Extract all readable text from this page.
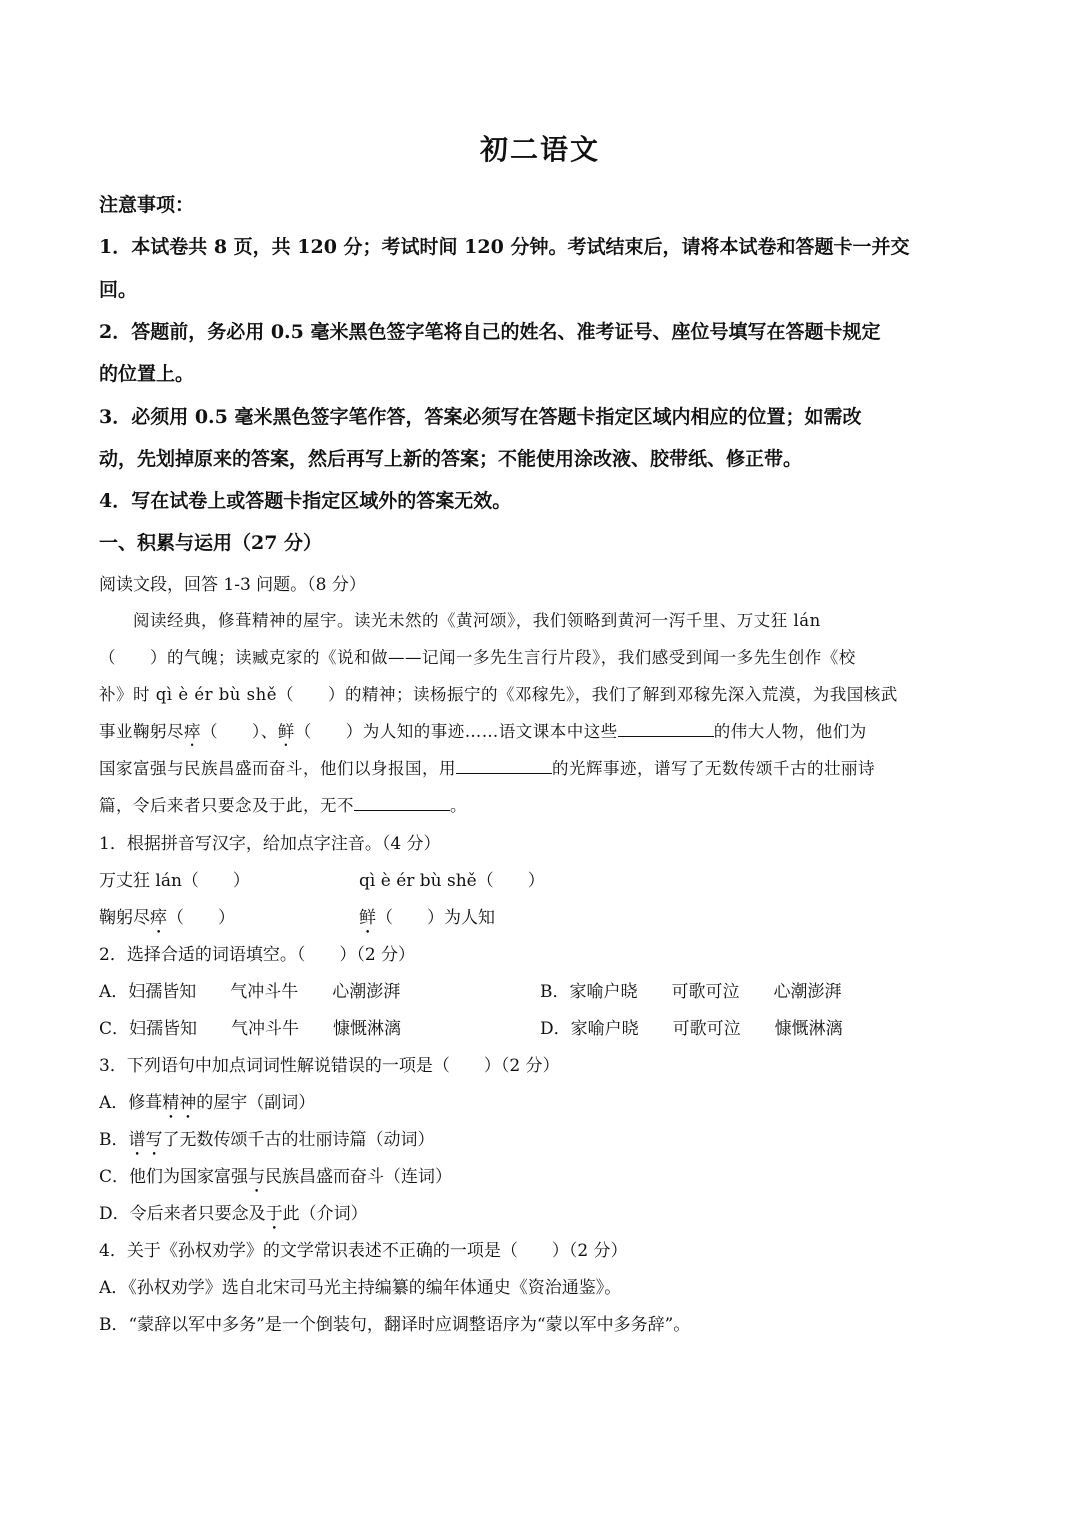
初二语文
注意事项：
1．本试卷共 8 页，共 120 分；考试时间 120 分钟。考试结束后，请将本试卷和答题卡一并交
回。
2．答题前，务必用 0.5 毫米黑色签字笔将自己的姓名、准考证号、座位号填写在答题卡规定
的位置上。
3．必须用 0.5 毫米黑色签字笔作答，答案必须写在答题卡指定区域内相应的位置；如需改
动，先划掉原来的答案，然后再写上新的答案；不能使用涂改液、胶带纸、修正带。
4．写在试卷上或答题卡指定区域外的答案无效。
一、积累与运用（27 分）
阅读文段，回答 1-3 问题。（8 分）
　　阅读经典，修葺精神的屋宇。读光未然的《黄河颂》，我们领略到黄河一泻千里、万丈狂 lán
（　　）的气魄；读臧克家的《说和做——记闻一多先生言行片段》，我们感受到闻一多先生创作《校
补》时 qì è ér bù shě（　　）的精神；读杨振宁的《邓稼先》，我们了解到邓稼先深入荒漠，为我国核武
事业鞠躬尽瘁（　　）、鲜（　　）为人知的事迹……语文课本中这些	的伟大人物，他们为
国家富强与民族昌盛而奋斗，他们以身报国，用	的光辉事迹，谱写了无数传颂千古的壮丽诗
篇，令后来者只要念及于此，无不	。
1．根据拼音写汉字，给加点字注音。（4 分）
万丈狂 lán（　　）	qì è ér bù shě（　　）
鞠躬尽瘁（　　）	鲜（　　）为人知
2．选择合适的词语填空。（　　）（2 分）
A．妇孺皆知　　气冲斗牛　　心潮澎湃	B．家喻户晓　　可歌可泣　　心潮澎湃
C．妇孺皆知　　气冲斗牛　　慷慨淋漓	D．家喻户晓　　可歌可泣　　慷慨淋漓
3．下列语句中加点词词性解说错误的一项是（　　）（2 分）
A．修葺精神的屋宇（副词）
B．谱写了无数传颂千古的壮丽诗篇（动词）
C．他们为国家富强与民族昌盛而奋斗（连词）
D．令后来者只要念及于此（介词）
4．关于《孙权劝学》的文学常识表述不正确的一项是（　　）（2 分）
A．《孙权劝学》选自北宋司马光主持编纂的编年体通史《资治通鉴》。
B．“蒙辞以军中多务”是一个倒装句，翻译时应调整语序为“蒙以军中多务辞”。
